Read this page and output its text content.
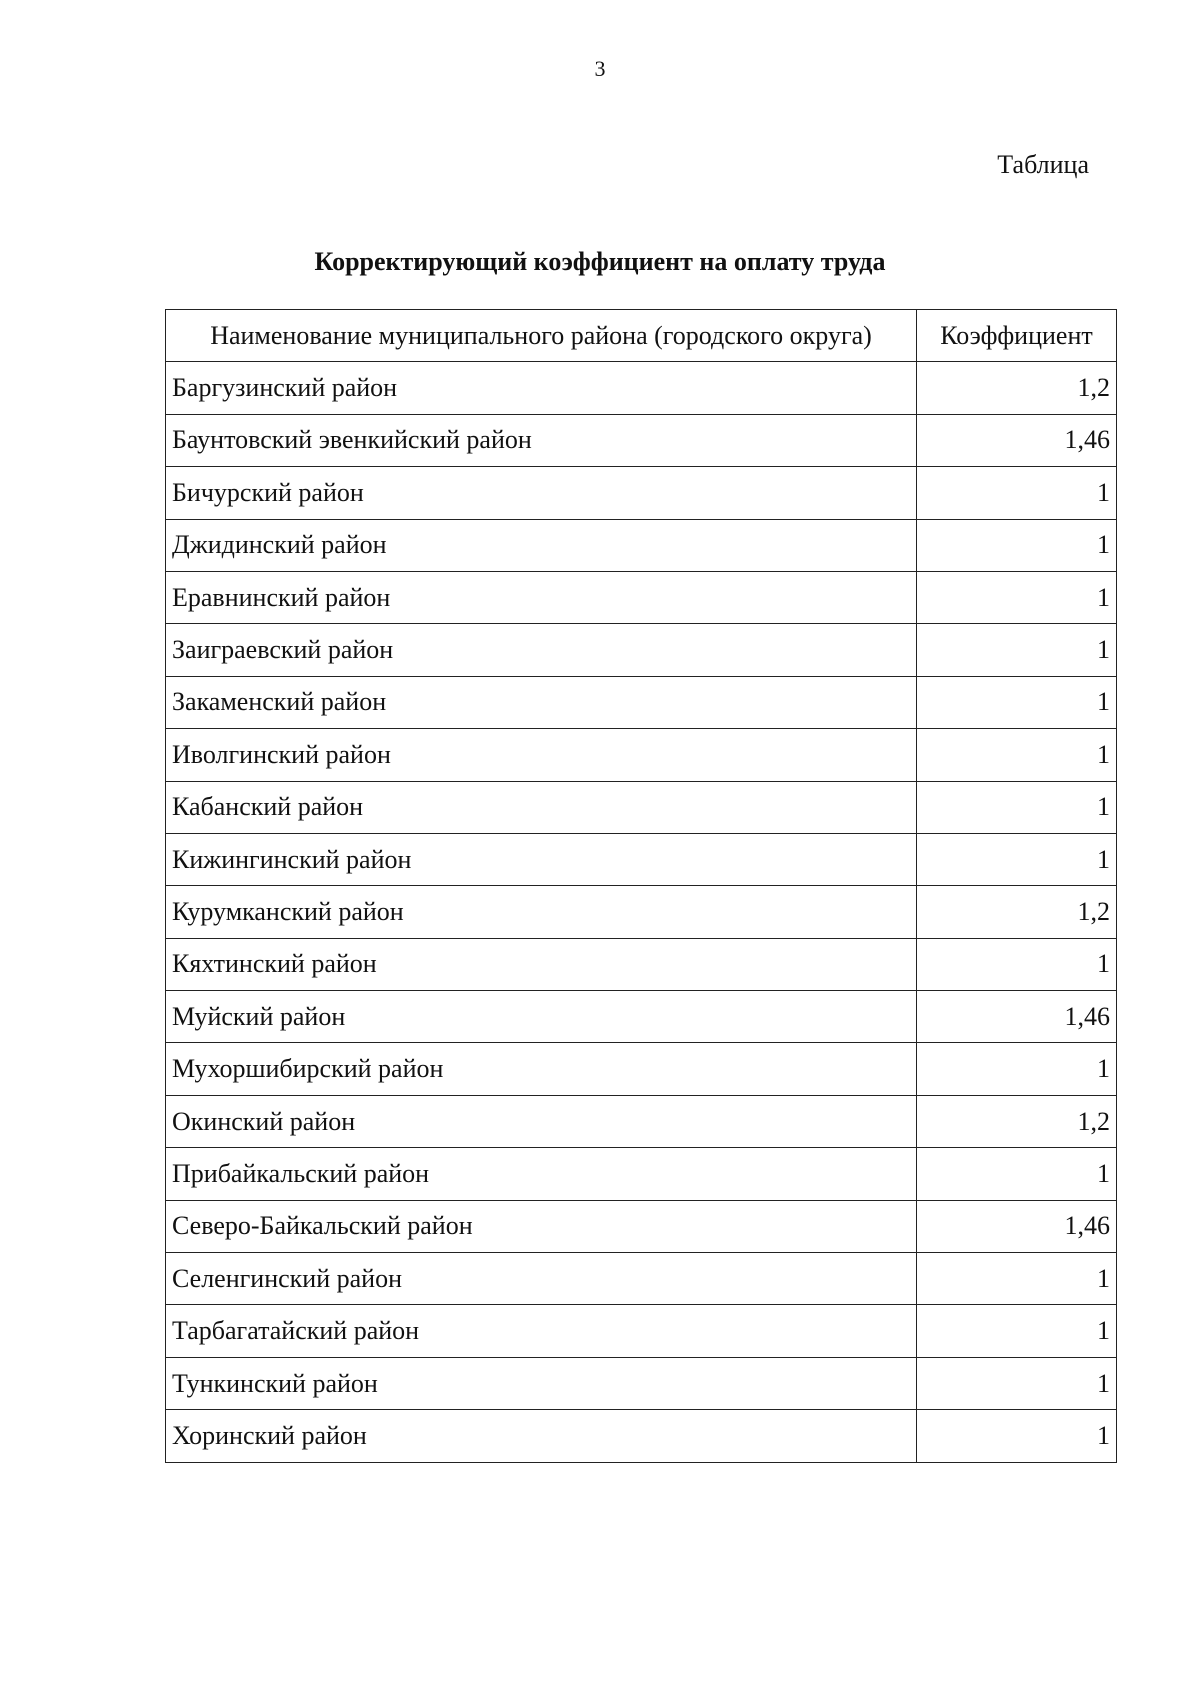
3
Таблица
Корректирующий коэффициент на оплату труда
Наименование муниципального района (городского округа)	Коэффициент
Баргузинский район	1,2
Баунтовский эвенкийский район	1,46
Бичурский район	1
Джидинский район	1
Еравнинский район	1
Заиграевский район	1
Закаменский район	1
Иволгинский район	1
Кабанский район	1
Кижингинский район	1
Курумканский район	1,2
Кяхтинский район	1
Муйский район	1,46
Мухоршибирский район	1
Окинский район	1,2
Прибайкальский район	1
Северо-Байкальский район	1,46
Селенгинский район	1
Тарбагатайский район	1
Тункинский район	1
Хоринский район	1
